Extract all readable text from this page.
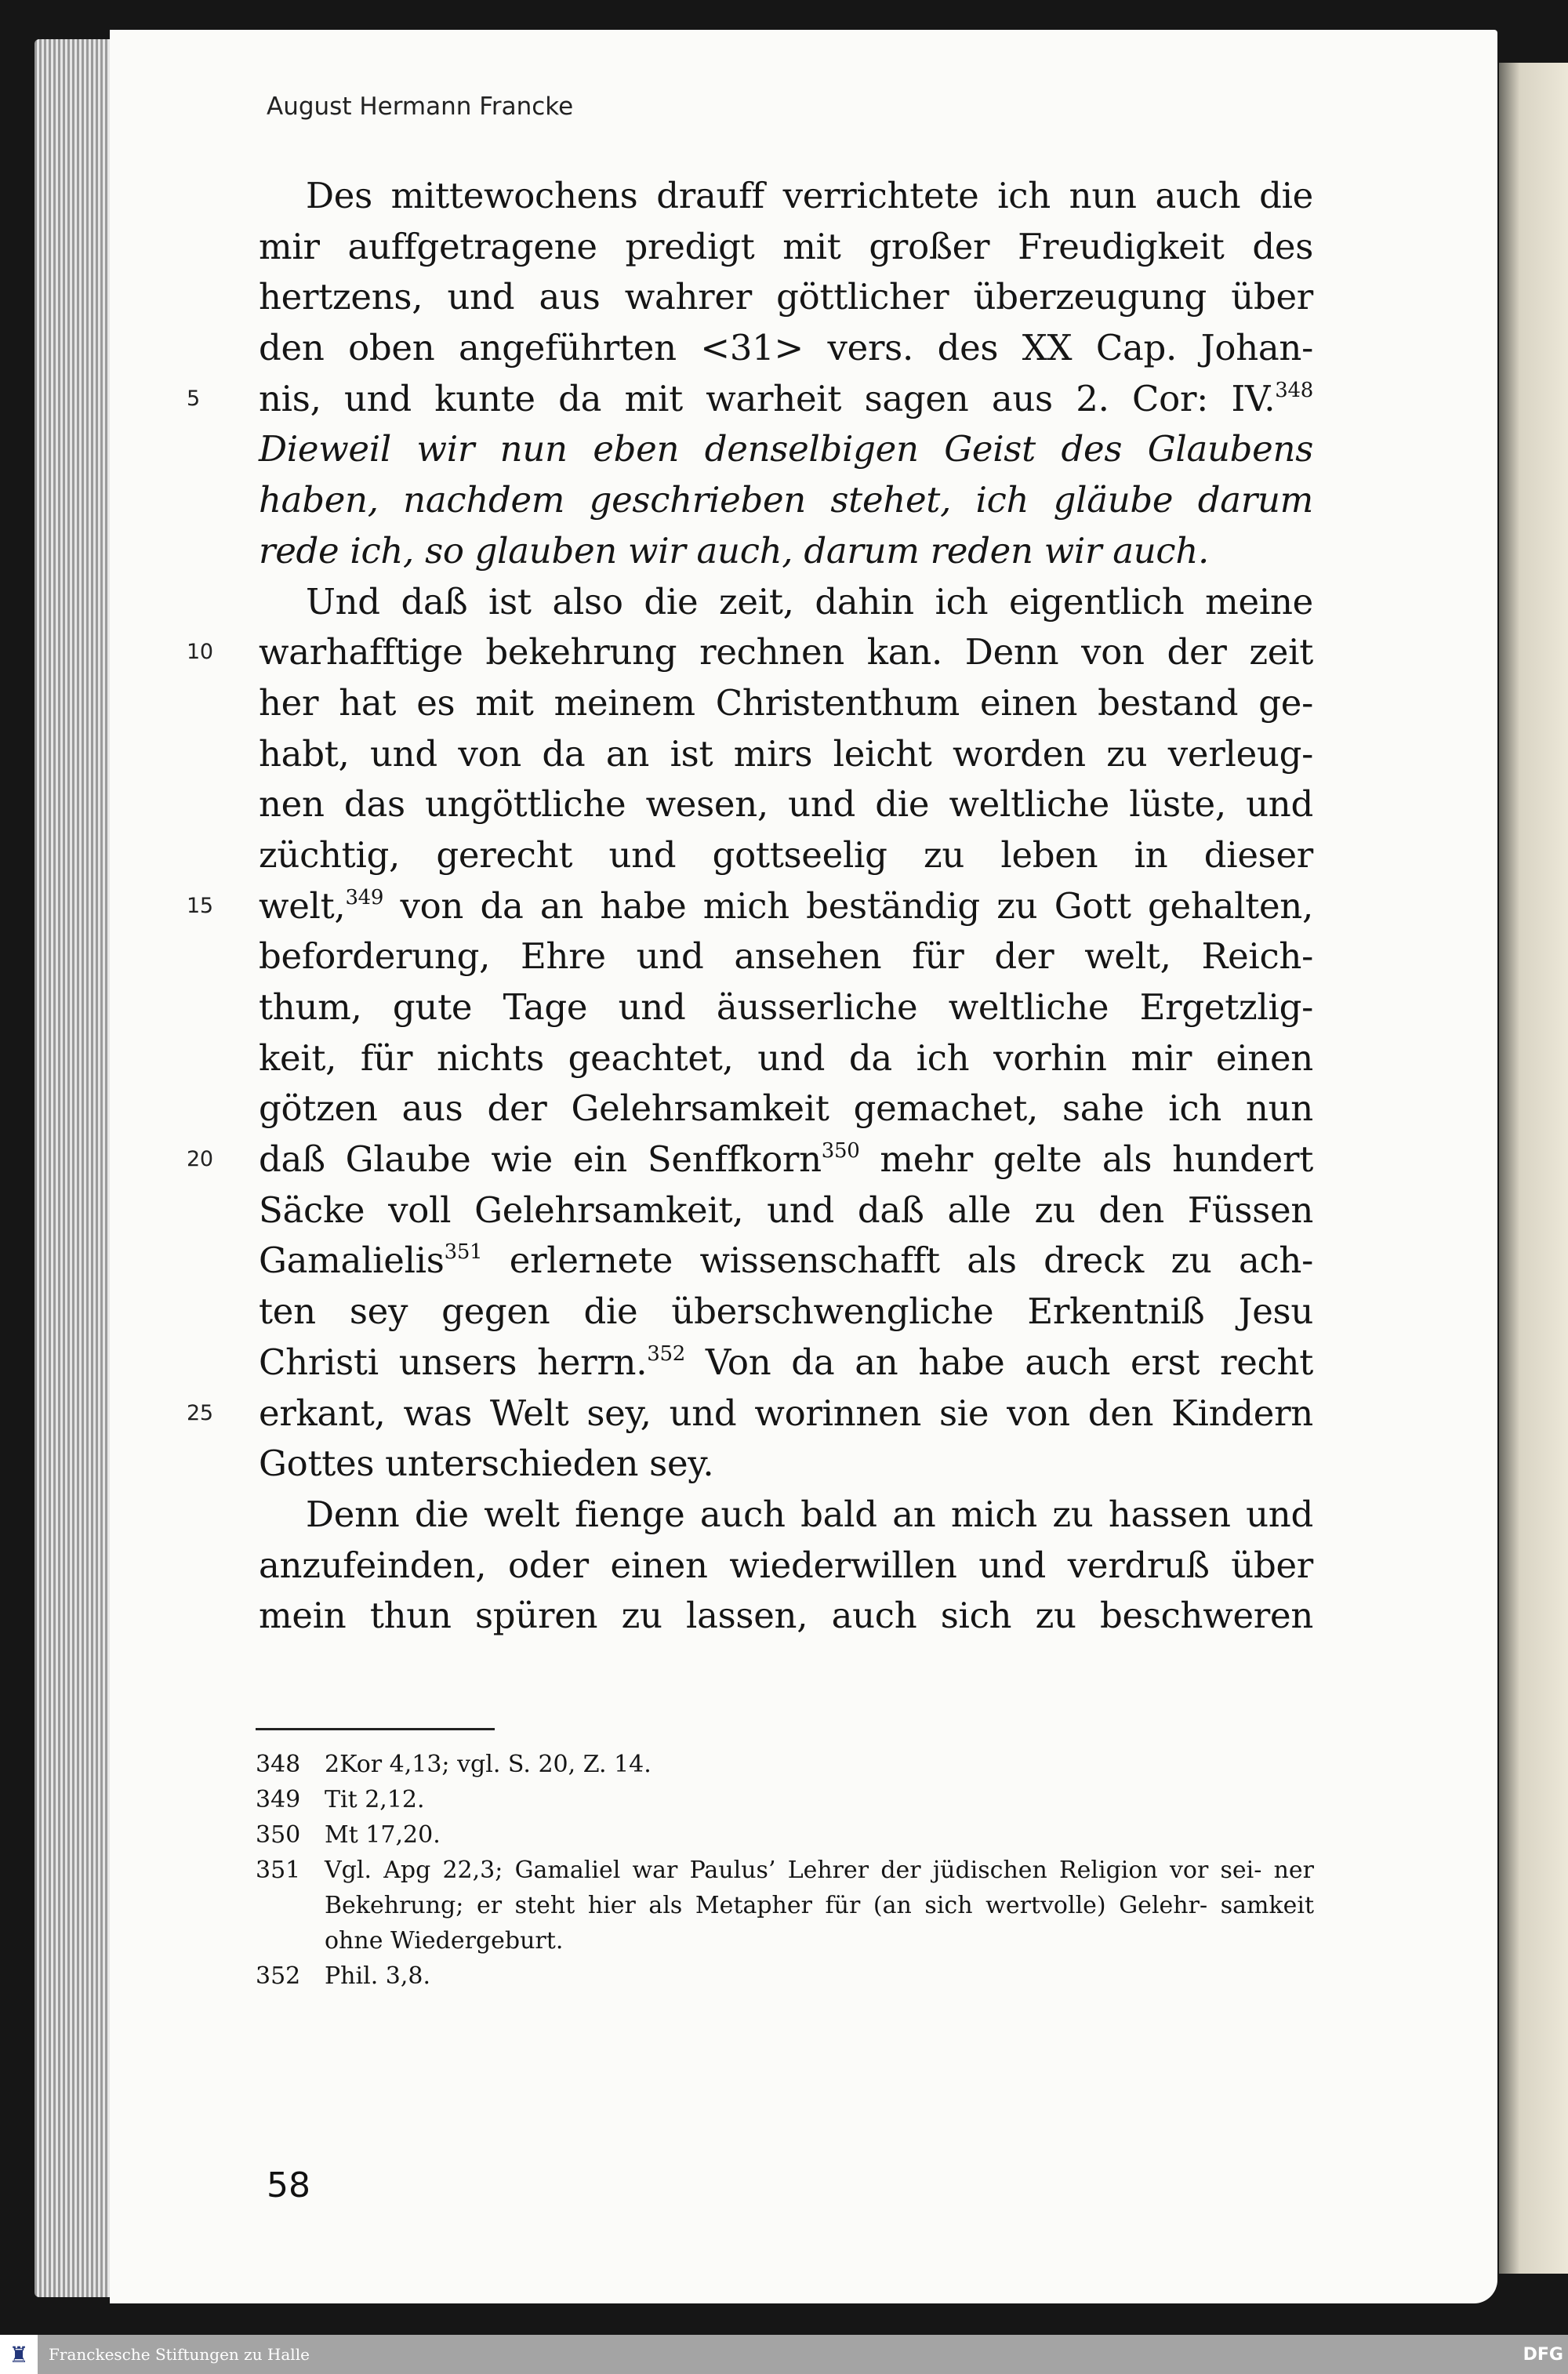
August Hermann Francke
Des mittewochens drauff verrichtete ich nun auch die
mir auffgetragene predigt mit großer Freudigkeit des
hertzens, und aus wahrer göttlicher überzeugung über
den oben angeführten <31> vers. des XX Cap. Johan-
nis, und kunte da mit warheit sagen aus 2. Cor: IV.$^{348}$
5
Dieweil wir nun eben denselbigen Geist des Glaubens
haben, nachdem geschrieben stehet, ich gläube darum
rede ich, so glauben wir auch, darum reden wir auch.
Und daß ist also die zeit, dahin ich eigentlich meine
warhafftige bekehrung rechnen kan. Denn von der zeit
10
her hat es mit meinem Christenthum einen bestand ge-
habt, und von da an ist mirs leicht worden zu verleug-
nen das ungöttliche wesen, und die weltliche lüste, und
züchtig, gerecht und gottseelig zu leben in dieser
welt,$^{349}$ von da an habe mich beständig zu Gott gehalten,
15
beforderung, Ehre und ansehen für der welt, Reich-
thum, gute Tage und äusserliche weltliche Ergetzlig-
keit, für nichts geachtet, und da ich vorhin mir einen
götzen aus der Gelehrsamkeit gemachet, sahe ich nun
daß Glaube wie ein Senffkorn$^{350}$ mehr gelte als hundert
20
Säcke voll Gelehrsamkeit, und daß alle zu den Füssen
Gamalielis$^{351}$ erlernete wissenschafft als dreck zu ach-
ten sey gegen die überschwengliche Erkentniß Jesu
Christi unsers herrn.$^{352}$ Von da an habe auch erst recht
erkant, was Welt sey, und worinnen sie von den Kindern
25
Gottes unterschieden sey.
Denn die welt fienge auch bald an mich zu hassen und
anzufeinden, oder einen wiederwillen und verdruß über
mein thun spüren zu lassen, auch sich zu beschweren
348	2Kor 4,13; vgl. S. 20, Z. 14.
349	Tit 2,12.
350	Mt 17,20.
351	Vgl. Apg 22,3; Gamaliel war Paulus’ Lehrer der jüdischen Religion vor sei- ner Bekehrung; er steht hier als Metapher für (an sich wertvolle) Gelehr- samkeit ohne Wiedergeburt.
352	Phil. 3,8.
58
♜	Franckesche Stiftungen zu Halle	DFG
